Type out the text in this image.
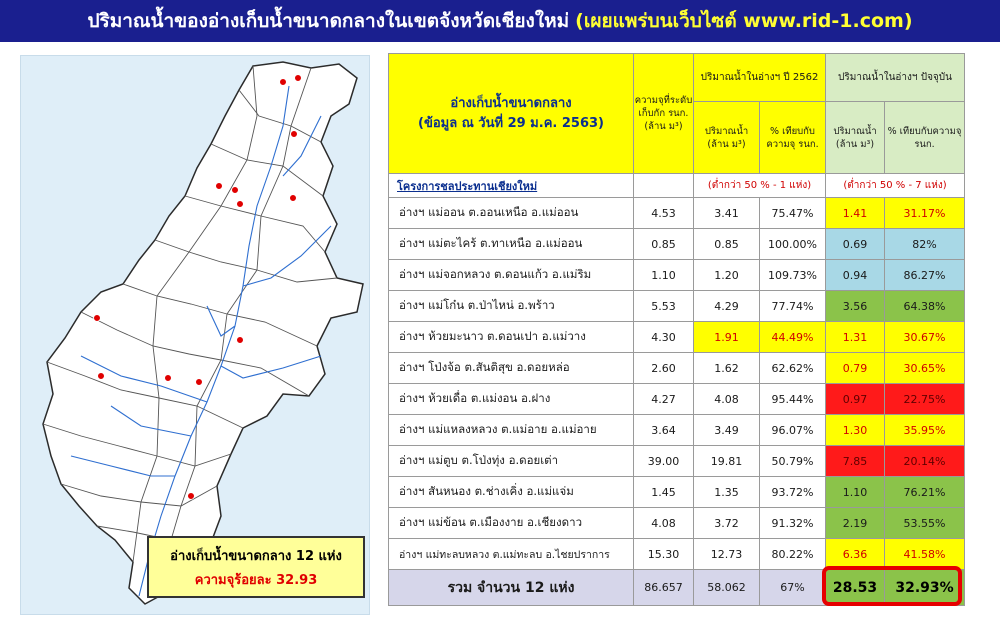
ปริมาณน้ำของอ่างเก็บน้ำขนาดกลางในเขตจังหวัดเชียงใหม่ (เผยแพร่บนเว็บไซต์ www.rid-1.com)
อ่างเก็บน้ำขนาดกลาง 12 แห่ง
ความจุร้อยละ 32.93
อ่างเก็บน้ำขนาดกลาง
(ข้อมูล ณ วันที่ 29 ม.ค. 2563)	ความจุที่ระดับเก็บกัก รนก. (ล้าน ม³)	ปริมาณน้ำในอ่างฯ ปี 2562		ปริมาณน้ำในอ่างฯ ปัจจุบัน	
		ปริมาณน้ำ (ล้าน ม³)	% เทียบกับความจุ รนก.	ปริมาณน้ำ (ล้าน ม³)	% เทียบกับความจุ รนก.
โครงการชลประทานเชียงใหม่		(ต่ำกว่า 50 % - 1 แห่ง)		(ต่ำกว่า 50 % - 7 แห่ง)	
อ่างฯ แม่ออน ต.ออนเหนือ อ.แม่ออน	4.53	3.41	75.47%	1.41	31.17%
อ่างฯ แม่ตะไคร้ ต.ทาเหนือ อ.แม่ออน	0.85	0.85	100.00%	0.69	82%
อ่างฯ แม่จอกหลวง ต.ดอนแก้ว อ.แม่ริม	1.10	1.20	109.73%	0.94	86.27%
อ่างฯ แม่โก๋น ต.ป่าไหน่ อ.พร้าว	5.53	4.29	77.74%	3.56	64.38%
อ่างฯ ห้วยมะนาว ต.ดอนเปา อ.แม่วาง	4.30	1.91	44.49%	1.31	30.67%
อ่างฯ โป่งจ้อ ต.สันติสุข อ.ดอยหล่อ	2.60	1.62	62.62%	0.79	30.65%
อ่างฯ ห้วยเดื่อ ต.แม่งอน อ.ฝาง	4.27	4.08	95.44%	0.97	22.75%
อ่างฯ แม่แหลงหลวง ต.แม่อาย อ.แม่อาย	3.64	3.49	96.07%	1.30	35.95%
อ่างฯ แม่ตูบ ต.โป่งทุ่ง อ.ดอยเต่า	39.00	19.81	50.79%	7.85	20.14%
อ่างฯ สันหนอง ต.ช่างเคิ่ง อ.แม่แจ่ม	1.45	1.35	93.72%	1.10	76.21%
อ่างฯ แม่ข้อน ต.เมืองงาย อ.เชียงดาว	4.08	3.72	91.32%	2.19	53.55%
อ่างฯ แม่ทะลบหลวง ต.แม่ทะลบ อ.ไชยปราการ	15.30	12.73	80.22%	6.36	41.58%
รวม จำนวน 12 แห่ง	86.657	58.062	67%	28.53	32.93%
